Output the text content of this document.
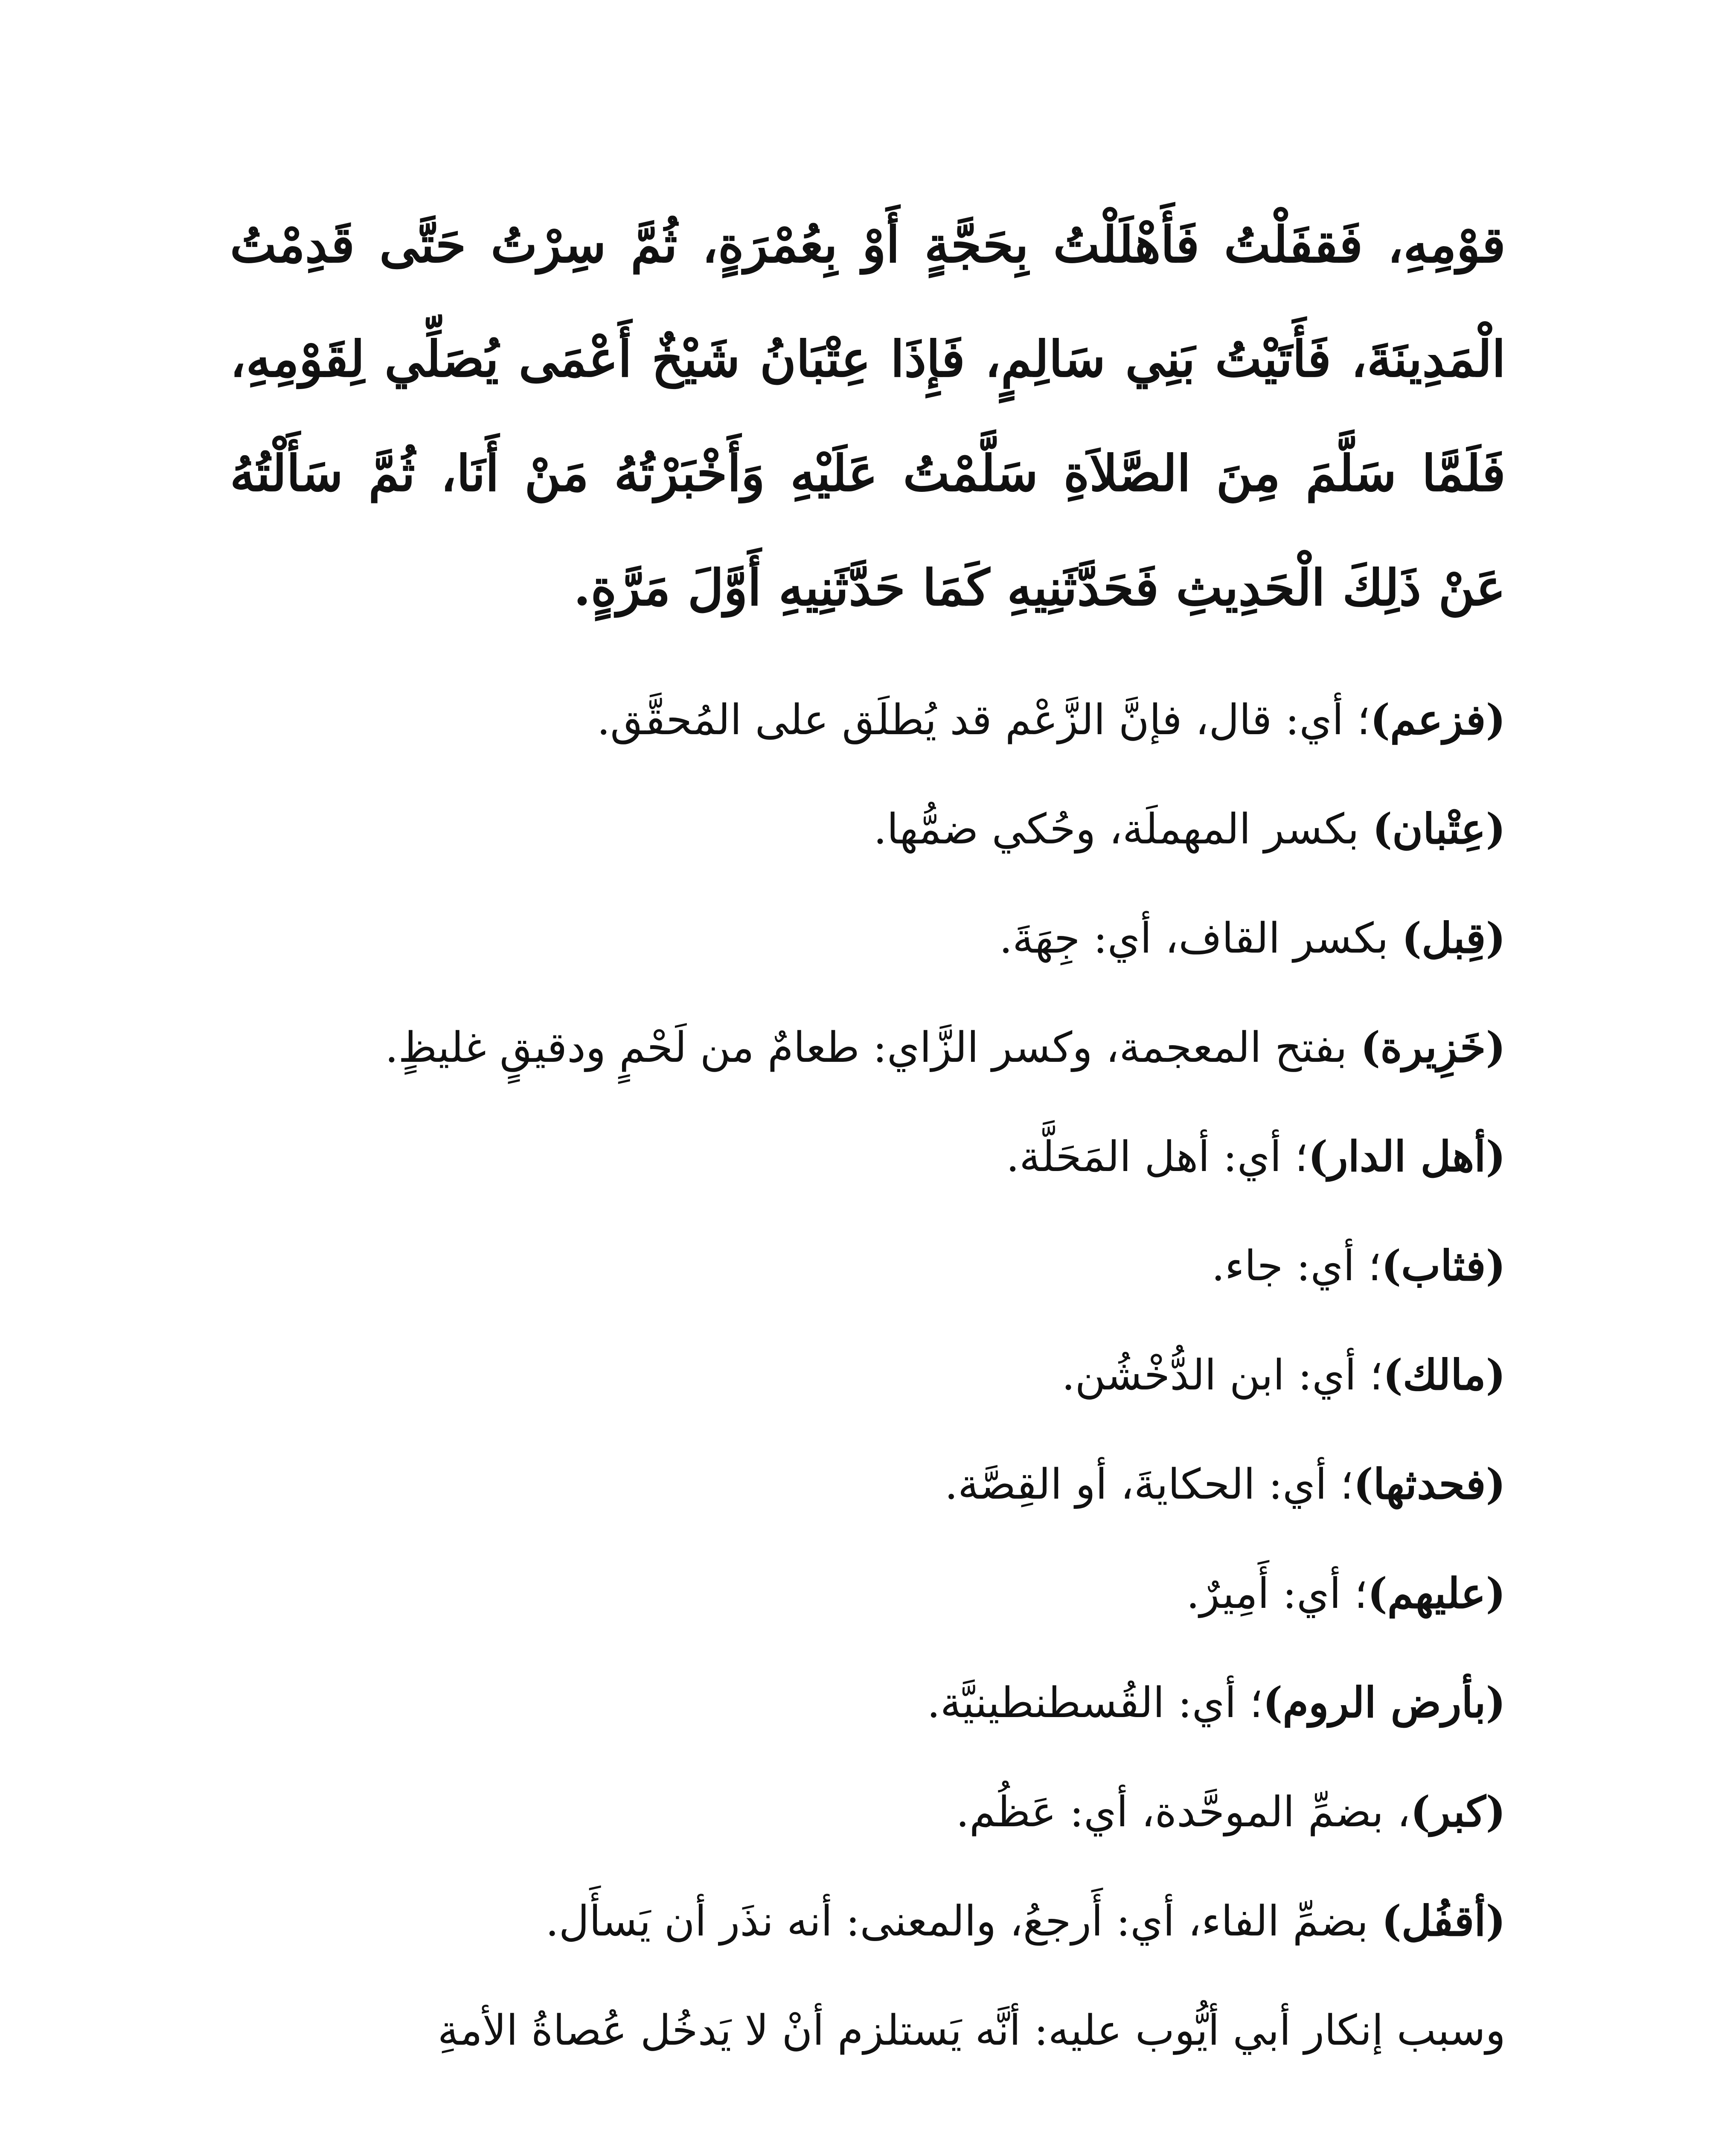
قوْمِهِ، فَقفَلْتُ فَأَهْلَلْتُ بِحَجَّةٍ أَوْ بِعُمْرَةٍ، ثُمَّ سِرْتُ حَتَّى قَدِمْتُ الْمَدِينَةَ، فَأَتَيْتُ بَنِي سَالِمٍ، فَإِذَا عِتْبَانُ شَيْخٌ أَعْمَى يُصَلِّي لِقَوْمِهِ، فَلَمَّا سَلَّمَ مِنَ الصَّلاَةِ سَلَّمْتُ عَلَيْهِ وَأَخْبَرْتُهُ مَنْ أَنَا، ثُمَّ سَأَلْتُهُ عَنْ ذَلِكَ الْحَدِيثِ فَحَدَّثَنِيهِ كَمَا حَدَّثَنِيهِ أَوَّلَ مَرَّةٍ.

(فزعم)؛ أي: قال، فإنَّ الزَّعْم قد يُطلَق على المُحقَّق.

(عِتْبان) بكسر المهملَة، وحُكي ضمُّها.

(قِبل) بكسر القاف، أي: جِهَةَ.

(خَزِيرة) بفتح المعجمة، وكسر الزَّاي: طعامٌ من لَحْمٍ ودقيقٍ غليظٍ.

(أهل الدار)؛ أي: أهل المَحَلَّة.

(فثاب)؛ أي: جاء.

(مالك)؛ أي: ابن الدُّخْشُن.

(فحدثها)؛ أي: الحكايةَ، أو القِصَّة.

(عليهم)؛ أي: أَمِيرٌ.

(بأرض الروم)؛ أي: القُسطنطينيَّة.

(كبر)، بضمِّ الموحَّدة، أي: عَظُم.

(أقفُل) بضمِّ الفاء، أي: أَرجعُ، والمعنى: أنه نذَر أن يَسأَل.

وسبب إنكار أبي أيُّوب عليه: أنَّه يَستلزم أنْ لا يَدخُل عُصاةُ الأمةِ
